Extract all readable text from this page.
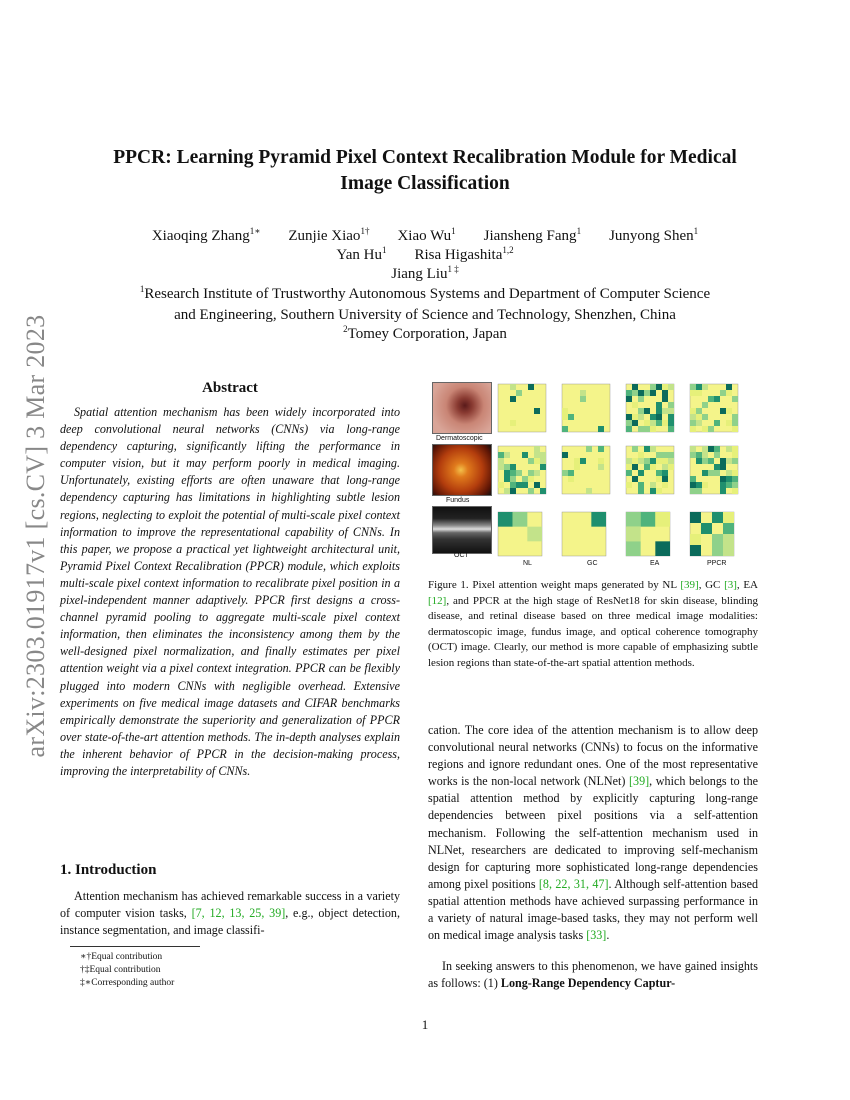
arXiv:2303.01917v1 [cs.CV] 3 Mar 2023
PPCR: Learning Pyramid Pixel Context Recalibration Module for Medical
Image Classification
Xiaoqing Zhang$^{1∗}$ Zunjie Xiao$^{1\dagger}$ Xiao Wu$^1$ Jiansheng Fang$^1$ Junyong Shen$^1$
Yan Hu$^1$ Risa Higashita$^{1,2}$
Jiang Liu$^{1 \ddagger}$
$^1$Research Institute of Trustworthy Autonomous Systems and Department of Computer Science
and Engineering, Southern University of Science and Technology, Shenzhen, China
$^2$Tomey Corporation, Japan
Abstract
Spatial attention mechanism has been widely incorporated into deep convolutional neural networks (CNNs) via long-range dependency capturing, significantly lifting the performance in computer vision, but it may perform poorly in medical imaging. Unfortunately, existing efforts are often unaware that long-range dependency capturing has limitations in highlighting subtle lesion regions, neglecting to exploit the potential of multi-scale pixel context information to improve the representational capability of CNNs. In this paper, we propose a practical yet lightweight architectural unit, Pyramid Pixel Context Recalibration (PPCR) module, which exploits multi-scale pixel context information to recalibrate pixel position in a pixel-independent manner adaptively. PPCR first designs a cross-channel pyramid pooling to aggregate multi-scale pixel context information, then eliminates the inconsistency among them by the well-designed pixel normalization, and finally estimates per pixel attention weight via a pixel context integration. PPCR can be flexibly plugged into modern CNNs with negligible overhead. Extensive experiments on five medical image datasets and CIFAR benchmarks empirically demonstrate the superiority and generalization of PPCR over state-of-the-art attention methods. The in-depth analyses explain the inherent behavior of PPCR in the decision-making process, improving the interpretability of CNNs.
1. Introduction
Attention mechanism has achieved remarkable success in a variety of computer vision tasks, [7, 12, 13, 25, 39], e.g., object detection, instance segmentation, and image classifi-
∗†Equal contribution
†‡Equal contribution
‡∗Corresponding author
Dermatoscopic
Fundus
OCT
NL	GC	EA	PPCR
Figure 1. Pixel attention weight maps generated by NL [39], GC [3], EA [12], and PPCR at the high stage of ResNet18 for skin disease, blinding disease, and retinal disease based on three medical image modalities: dermatoscopic image, fundus image, and optical coherence tomography (OCT) image. Clearly, our method is more capable of emphasizing subtle lesion regions than state-of-the-art spatial attention methods.
cation. The core idea of the attention mechanism is to allow deep convolutional neural networks (CNNs) to focus on the informative regions and ignore redundant ones. One of the most representative works is the non-local network (NLNet) [39], which belongs to the spatial attention method by explicitly capturing long-range dependencies between pixel positions via a self-attention mechanism. Following the self-attention mechanism used in NLNet, researchers are dedicated to improving self-mechanism design for capturing more sophisticated long-range dependencies among pixel positions [8, 22, 31, 47]. Although self-attention based spatial attention methods have achieved surpassing performance in a variety of natural image-based tasks, they may not perform well on medical image analysis tasks [33].
In seeking answers to this phenomenon, we have gained insights as follows: (1) Long-Range Dependency Captur-
1
